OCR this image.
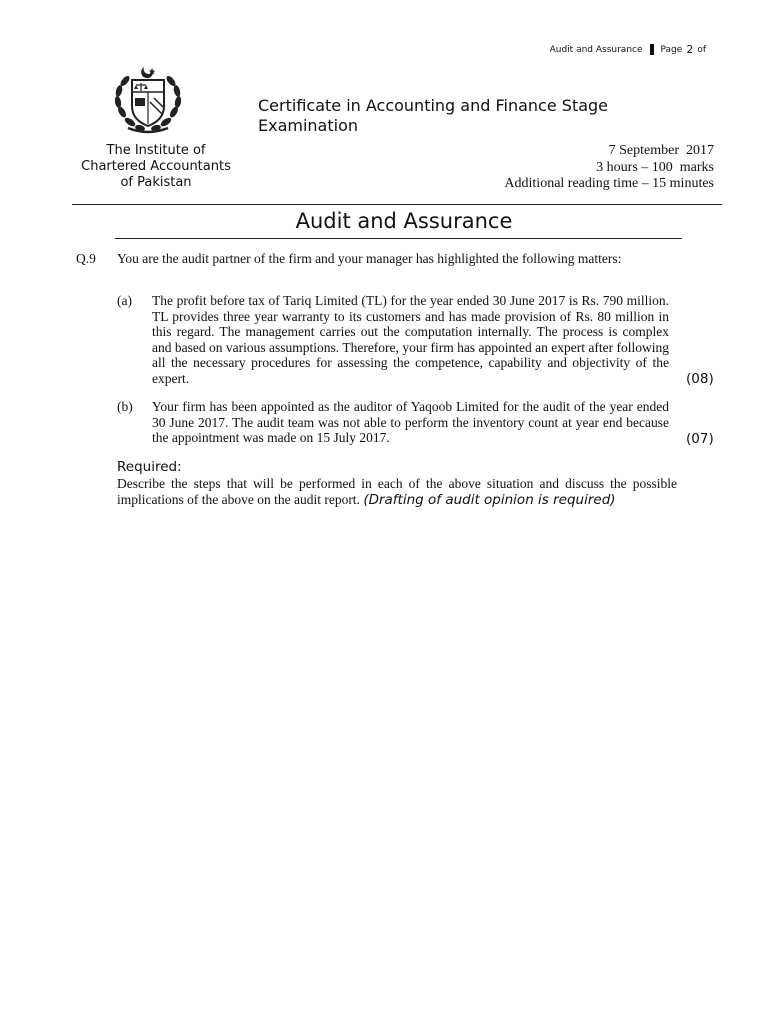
Audit and Assurance Page 2 of
Certificate in Accounting and Finance Stage Examination
The Institute of
Chartered Accountants
of Pakistan
7 September  2017
3 hours – 100  marks
Additional reading time – 15 minutes
Audit and Assurance
Q.9 You are the audit partner of the firm and your manager has highlighted the following matters:
(a) The profit before tax of Tariq Limited (TL) for the year ended 30 June 2017 is Rs. 790 million. TL provides three year warranty to its customers and has made provision of Rs. 80 million in this regard. The management carries out the computation internally. The process is complex and based on various assumptions. Therefore, your firm has appointed an expert after following all the necessary procedures for assessing the competence, capability and objectivity of the expert.	(08)
(b) Your firm has been appointed as the auditor of Yaqoob Limited for the audit of the year ended 30 June 2017. The audit team was not able to perform the inventory count at year end because the appointment was made on 15 July 2017.	(07)
Required:
Describe the steps that will be performed in each of the above situation and discuss the possible implications of the above on the audit report. (Drafting of audit opinion is required)
